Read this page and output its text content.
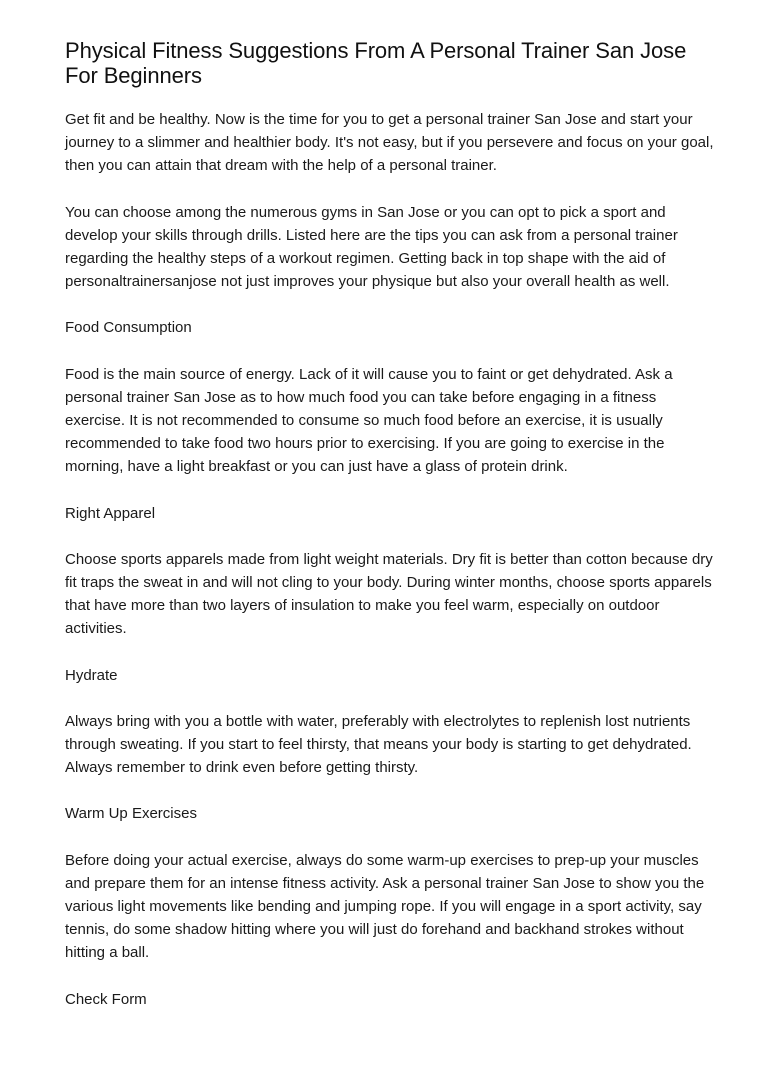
Physical Fitness Suggestions From A Personal Trainer San Jose For Beginners

Get fit and be healthy. Now is the time for you to get a personal trainer San Jose and start your journey to a slimmer and healthier body. It's not easy, but if you persevere and focus on your goal, then you can attain that dream with the help of a personal trainer.

You can choose among the numerous gyms in San Jose or you can opt to pick a sport and develop your skills through drills. Listed here are the tips you can ask from a personal trainer regarding the healthy steps of a workout regimen. Getting back in top shape with the aid of personaltrainersanjose not just improves your physique but also your overall health as well.

Food Consumption

Food is the main source of energy. Lack of it will cause you to faint or get dehydrated. Ask a personal trainer San Jose as to how much food you can take before engaging in a fitness exercise. It is not recommended to consume so much food before an exercise, it is usually recommended to take food two hours prior to exercising. If you are going to exercise in the morning, have a light breakfast or you can just have a glass of protein drink.

Right Apparel

Choose sports apparels made from light weight materials. Dry fit is better than cotton because dry fit traps the sweat in and will not cling to your body. During winter months, choose sports apparels that have more than two layers of insulation to make you feel warm, especially on outdoor activities.

Hydrate

Always bring with you a bottle with water, preferably with electrolytes to replenish lost nutrients through sweating. If you start to feel thirsty, that means your body is starting to get dehydrated. Always remember to drink even before getting thirsty.

Warm Up Exercises

Before doing your actual exercise, always do some warm-up exercises to prep-up your muscles and prepare them for an intense fitness activity. Ask a personal trainer San Jose to show you the various light movements like bending and jumping rope. If you will engage in a sport activity, say tennis, do some shadow hitting where you will just do forehand and backhand strokes without hitting a ball.

Check Form
